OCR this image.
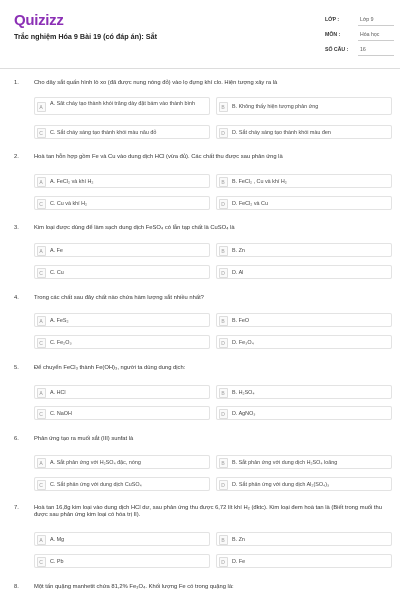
Quizizz
Trắc nghiệm Hóa 9 Bài 19 (có đáp án): Sắt
LỚP :	Lớp 9
MÔN :	Hóa học
SỐ CÂU : 16
1.	Cho dây sắt quấn hình lò xo (đã được nung nóng đỏ) vào lọ đựng khí clo. Hiện tượng xảy ra là
A
A. Sắt cháy tạo thành khói trắng dày đặt bám vào thành bình
B	B. Không thấy hiện tượng phản ứng
C	C. Sắt cháy sáng tạo thành khói màu nâu đỏ	D	D. Sắt cháy sáng tạo thành khói màu đen
2.	Hoà tan hỗn hợp gồm Fe và Cu vào dung dịch HCl (vừa đủ). Các chất thu được sau phản ứng là
A	A. FeCl₂ và khí H₂	B	B. FeCl₂ , Cu và khí H₂
C	C. Cu và khí H₂	D	D. FeCl₂ và Cu
3.	Kim loại được dùng để làm sạch dung dịch FeSO₄ có lẫn tạp chất là CuSO₄ là
A	A. Fe	B	B. Zn
C	C. Cu	D	D. Al
4.	Trong các chất sau đây chất nào chứa hàm lượng sắt nhiều nhất?
A	A. FeS₂	B	B. FeO
C	C. Fe₂O₃	D	D. Fe₃O₄
5.	Để chuyển FeCl₃ thành Fe(OH)₃, người ta dùng dung dịch:
A	A. HCl	B	B. H₂SO₄
C	C. NaOH	D	D. AgNO₃
6.	Phản ứng tạo ra muối sắt (III) sunfat là
A	A. Sắt phản ứng với H₂SO₄ đặc, nóng	B	B. Sắt phản ứng với dung dịch H₂SO₄ loãng
C	C. Sắt phản ứng với dung dịch CuSO₄	D	D. Sắt phản ứng với dung dịch Al₂(SO₄)₃
7.	Hoà tan 16,8g kim loại vào dung dịch HCl dư, sau phản ứng thu được 6,72 lít khí H₂ (đktc). Kim loại đem hoà tan là (Biết trong muối thu được sau phản ứng kim loại có hóa trị II).
A	A. Mg	B	B. Zn
C	C. Pb	D	D. Fe
8.	Một tấn quặng manhetit chứa 81,2% Fe₃O₄. Khối lượng Fe có trong quặng là:
